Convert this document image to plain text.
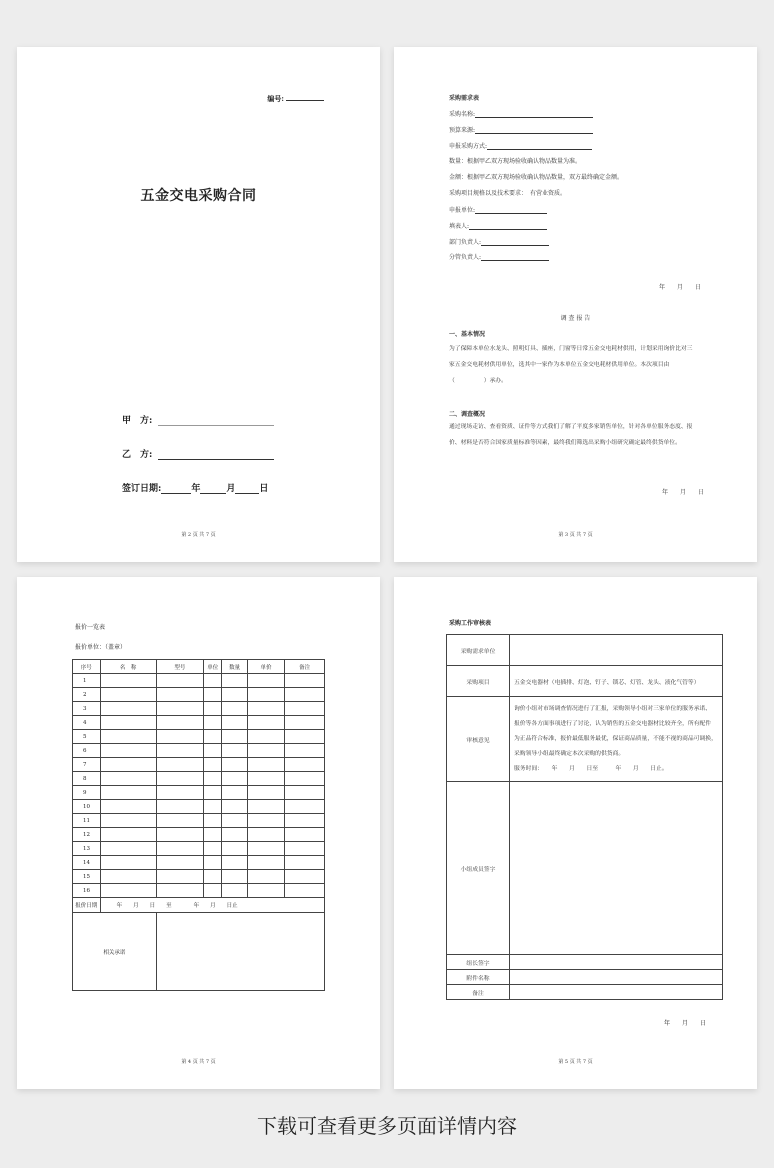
编号:
五金交电采购合同
甲　方:
乙　方:
签订日期:	年	月	日
第 2 页 共 7 页
采购需求表
采购名称:
预算来源:
申报采购方式:
数量：根据甲乙双方现场验收确认物品数量为准。
金额：根据甲乙双方现场验收确认物品数量，双方最终确定金额。
采购项目规格以及技术要求：　有营业资质。
申报单位:
填表人:
部门负责人:
分管负责人:
年　　月　　日
调 查 报 告
一、基本情况
为了保障本单位水龙头、照明灯具、插座，门窗等日常五金交电耗材供用，计划采用询价比对三
家五金交电耗材供用单位，选其中一家作为本单位五金交电耗材供用单位。本次项目由
（　　　　　）承办。
二、调查概况
通过现场走访、查看资质、证件等方式我们了解了平度多家销售单位，针对各单位服务态度、报
价、材料是否符合国家质量标准等因素，最终我们筛选出采购小组研究确定最终供货单位。
年　　月　　日
第 3 页 共 7 页
报价一览表
报价单位：（盖章）
序号	名　称	型号	单位	数量	单价	备注
1						
2						
3						
4						
5						
6						
7						
8						
9						
10						
11						
12						
13						
14						
15						
16						
报价日期	年　　月　　日　　至　　　　年　　月　　日止					
相关承诺						
第 4 页 共 7 页
采购工作审核表
采购需求单位	
采购项目	五金交电器材（电插排、灯泡、钉子、锁芯、灯管、龙头、液化气管等）
审核意见	询价小组对市场调查情况进行了汇报，采购领导小组对三家单位的服务承诺、
报价等各方面事项进行了讨论，认为销售的五金交电器材比较齐全，所有配件
为正品符合标准，报价最低服务最优，保证商品质量，不能不视的商品可调换，
采购领导小组最终确定本次采购的供货商。
服务时间：　　年　　月　　日至　　　年　　月　　日止。

小组成员签字	
组长签字	
附件名称	
备注	
年　　月　　日
第 5 页 共 7 页
下载可查看更多页面详情内容
